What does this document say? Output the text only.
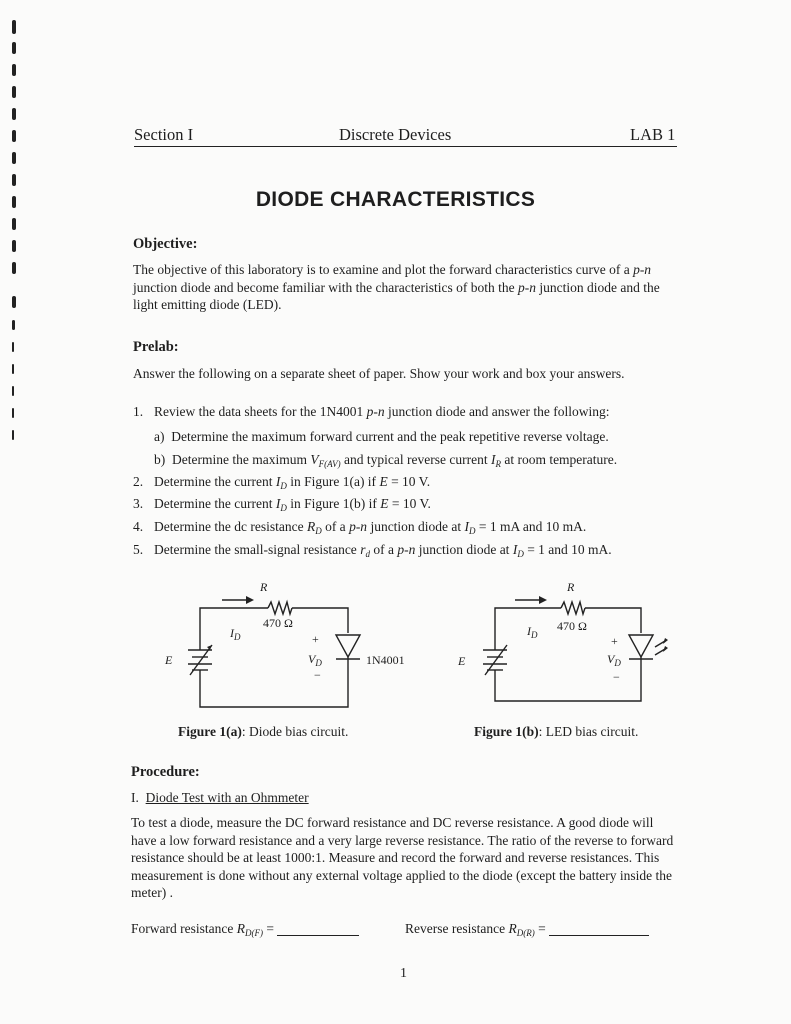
Section I	Discrete Devices	LAB 1
DIODE CHARACTERISTICS
Objective:
The objective of this laboratory is to examine and plot the forward characteristics curve of a p-n junction diode and become familiar with the characteristics of both the p-n junction diode and the light emitting diode (LED).
Prelab:
Answer the following on a separate sheet of paper. Show your work and box your answers.
1. Review the data sheets for the 1N4001 p-n junction diode and answer the following:
a) Determine the maximum forward current and the peak repetitive reverse voltage.
b) Determine the maximum $V_{F(AV)}$ and typical reverse current $I_R$ at room temperature.
2. Determine the current $I_D$ in Figure 1(a) if E = 10 V.
3. Determine the current $I_D$ in Figure 1(b) if E = 10 V.
4. Determine the dc resistance $R_D$ of a p-n junction diode at $I_D = 1$ mA and 10 mA.
5. Determine the small-signal resistance $r_d$ of a p-n junction diode at $I_D = 1$ and 10 mA.
R
470 Ω
$I_D$	+
E	$V_D$	1N4001
−
Figure 1(a): Diode bias circuit.
R
470 Ω
$I_D$	+
E	$V_D$
−
Figure 1(b): LED bias circuit.
Procedure:
I. Diode Test with an Ohmmeter
To test a diode, measure the DC forward resistance and DC reverse resistance. A good diode will have a low forward resistance and a very large reverse resistance. The ratio of the reverse to forward resistance should be at least 1000:1. Measure and record the forward and reverse resistances. This measurement is done without any external voltage applied to the diode (except the battery inside the meter) .
Forward resistance $R_{D(F)}$ =	Reverse resistance $R_{D(R)}$ =
1
